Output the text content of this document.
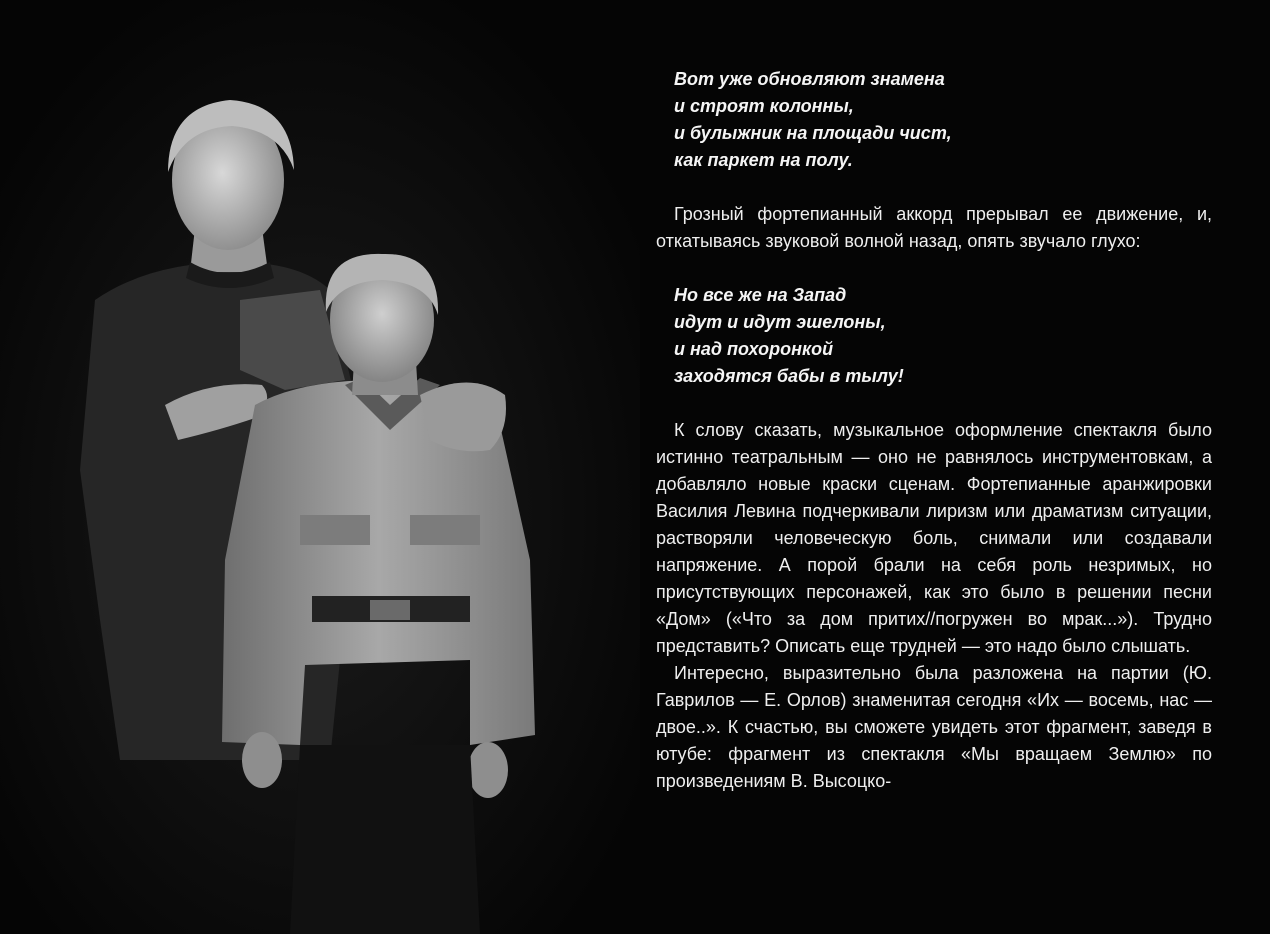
Вот уже обновляют знамена
и строят колонны,
и булыжник на площади чист,
как паркет на полу.

Грозный фортепианный аккорд прерывал ее движение, и, откатываясь звуковой волной назад, опять звучало глухо:

Но все же на Запад
идут и идут эшелоны,
и над похоронкой
заходятся бабы в тылу!

К слову сказать, музыкальное оформление спектакля было истинно театральным — оно не равнялось инструментовкам, а добавляло новые краски сценам. Фортепианные аранжировки Василия Левина подчеркивали лиризм или драматизм ситуации, растворяли человеческую боль, снимали или создавали напряжение. А порой брали на себя роль незримых, но присутствующих персонажей, как это было в решении песни «Дом» («Что за дом притих//погружен во мрак...»). Трудно представить? Описать еще трудней — это надо было слышать.

Интересно, выразительно была разложена на партии (Ю. Гаврилов — Е. Орлов) знаменитая сегодня «Их — восемь, нас — двое..». К счастью, вы сможете увидеть этот фрагмент, заведя в ютубе: фрагмент из спектакля «Мы вращаем Землю» по произведениям В. Высоцко-
